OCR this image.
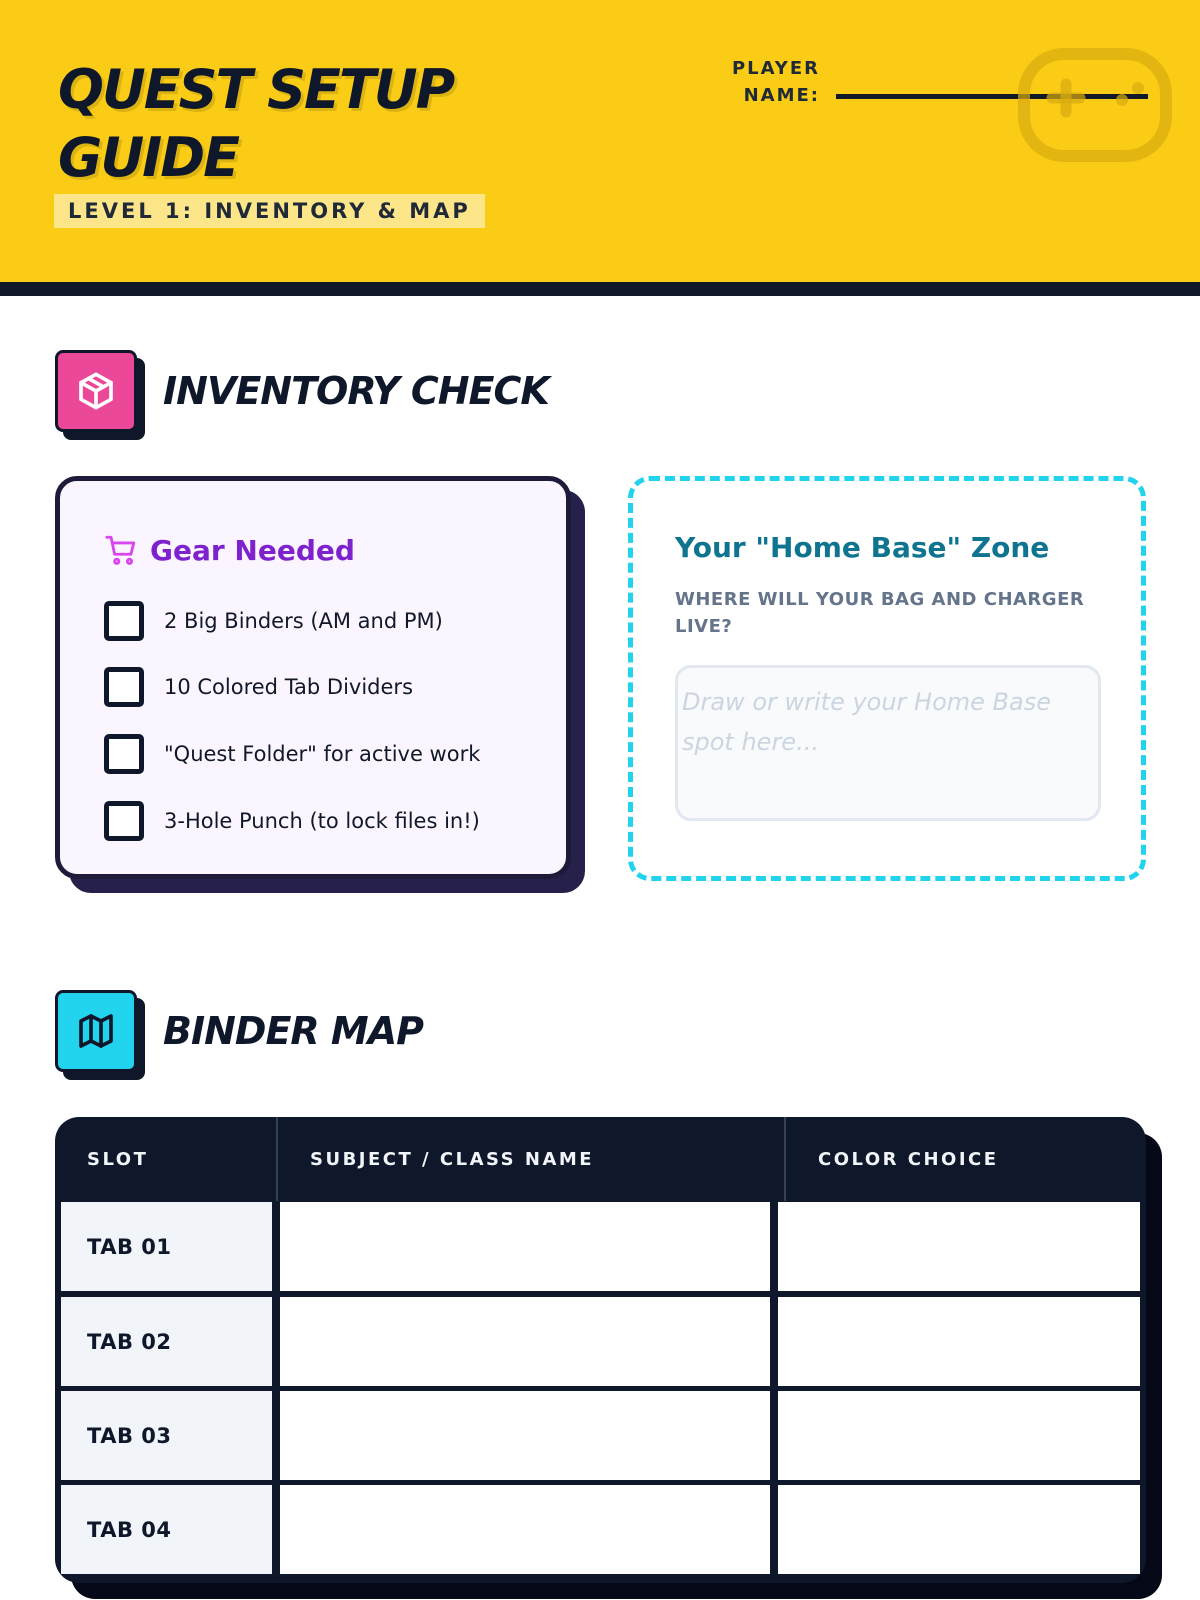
QUEST SETUP
GUIDE
LEVEL 1: INVENTORY & MAP
PLAYER
NAME:
INVENTORY CHECK
Gear Needed
2 Big Binders (AM and PM)
10 Colored Tab Dividers
"Quest Folder" for active work
3-Hole Punch (to lock files in!)
Your "Home Base" Zone
WHERE WILL YOUR BAG AND CHARGER LIVE?
Draw or write your Home Base spot here...
BINDER MAP
SLOT	SUBJECT / CLASS NAME	COLOR CHOICE
TAB 01
TAB 02
TAB 03
TAB 04
